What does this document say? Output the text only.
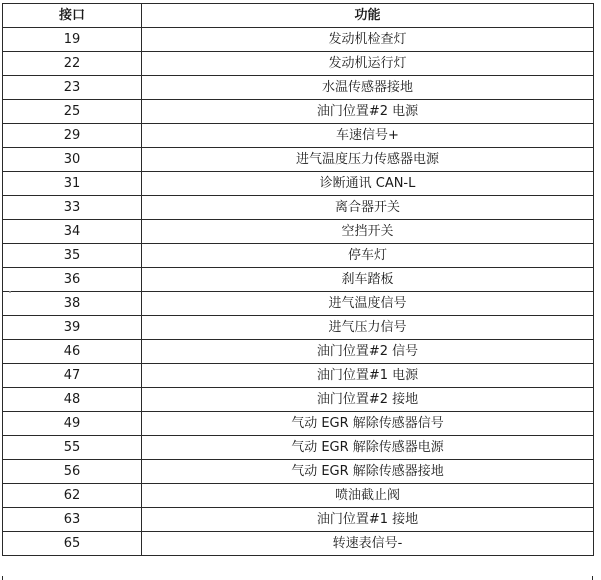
接口	功能
19	发动机检查灯
22	发动机运行灯
23	水温传感器接地
25	油门位置#2 电源
29	车速信号+
30	进气温度压力传感器电源
31	诊断通讯 CAN-L
33	离合器开关
34	空挡开关
35	停车灯
36	刹车踏板
38	进气温度信号
39	进气压力信号
46	油门位置#2 信号
47	油门位置#1 电源
48	油门位置#2 接地
49	气动 EGR 解除传感器信号
55	气动 EGR 解除传感器电源
56	气动 EGR 解除传感器接地
62	喷油截止阀
63	油门位置#1 接地
65	转速表信号-
